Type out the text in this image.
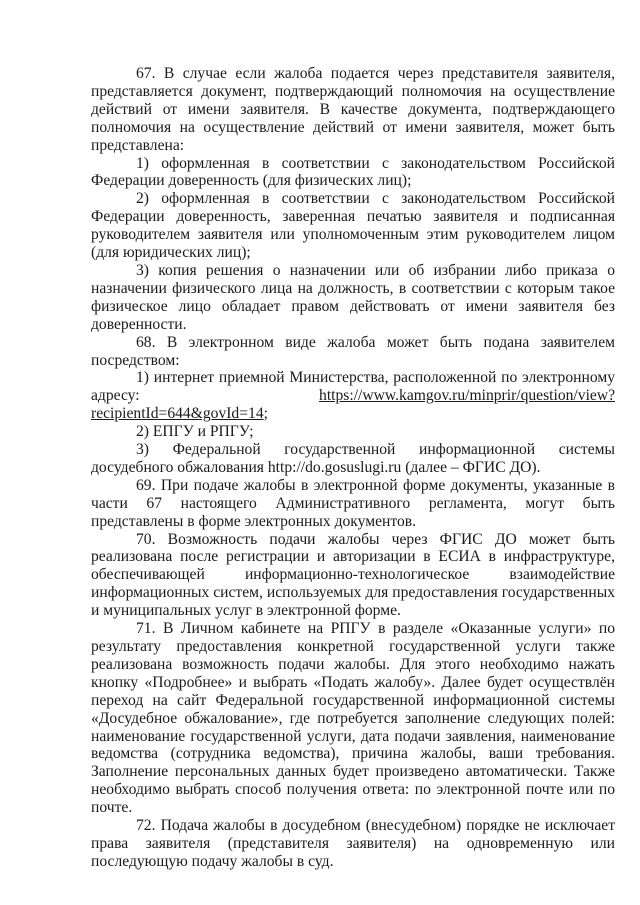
67. В случае если жалоба подается через представителя заявителя, представляется документ, подтверждающий полномочия на осуществление действий от имени заявителя. В качестве документа, подтверждающего полномочия на осуществление действий от имени заявителя, может быть представлена:

1) оформленная в соответствии с законодательством Российской Федерации доверенность (для физических лиц);

2) оформленная в соответствии с законодательством Российской Федерации доверенность, заверенная печатью заявителя и подписанная руководителем заявителя или уполномоченным этим руководителем лицом (для юридических лиц);

3) копия решения о назначении или об избрании либо приказа о назначении физического лица на должность, в соответствии с которым такое физическое лицо обладает правом действовать от имени заявителя без доверенности.

68. В электронном виде жалоба может быть подана заявителем посредством:

1) интернет приемной Министерства, расположенной по электронному адресу: https://www.kamgov.ru/minprir/question/view?recipientId=644&govId=14;

2) ЕПГУ и РПГУ;

3) Федеральной государственной информационной системы досудебного обжалования http://do.gosuslugi.ru (далее – ФГИС ДО).

69. При подаче жалобы в электронной форме документы, указанные в части 67 настоящего Административного регламента, могут быть представлены в форме электронных документов.

70. Возможность подачи жалобы через ФГИС ДО может быть реализована после регистрации и авторизации в ЕСИА в инфраструктуре, обеспечивающей информационно-технологическое взаимодействие информационных систем, используемых для предоставления государственных и муниципальных услуг в электронной форме.

71. В Личном кабинете на РПГУ в разделе «Оказанные услуги» по результату предоставления конкретной государственной услуги также реализована возможность подачи жалобы. Для этого необходимо нажать кнопку «Подробнее» и выбрать «Подать жалобу». Далее будет осуществлён переход на сайт Федеральной государственной информационной системы «Досудебное обжалование», где потребуется заполнение следующих полей: наименование государственной услуги, дата подачи заявления, наименование ведомства (сотрудника ведомства), причина жалобы, ваши требования. Заполнение персональных данных будет произведено автоматически. Также необходимо выбрать способ получения ответа: по электронной почте или по почте.

72. Подача жалобы в досудебном (внесудебном) порядке не исключает права заявителя (представителя заявителя) на одновременную или последующую подачу жалобы в суд.
